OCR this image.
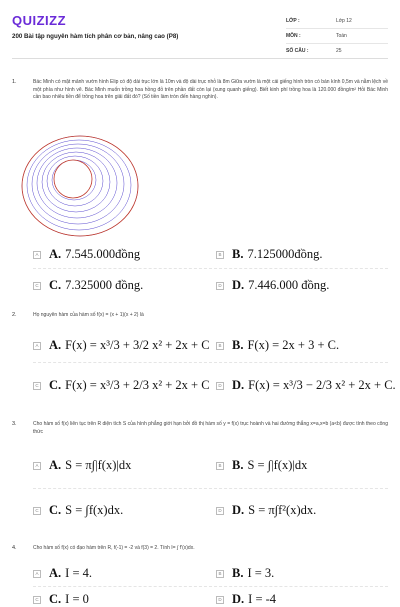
QUIZIZZ
200 Bài tập nguyên hàm tích phân cơ bản, nâng cao (P8)
LỚP :	Lớp 12
MÔN :	Toán
SỐ CÂU :	25
1.	Bác Minh có mặt mảnh vườn hình Elip có độ dài trục lớn là 10m và độ dài trục nhỏ là 8m Giữa vườn là một cái giếng hình tròn có bán kính 0,5m và nằm lệch về một phía như hình vẽ. Bác Minh muốn trồng hoa hồng đỏ trên phần đất còn lại (xung quanh giếng). Biết kinh phí trồng hoa là 120.000 đồng/m² Hỏi Bác Minh cần bao nhiêu tiền để trồng hoa trên giải đất đó? (Số tiền làm tròn đến hàng nghìn).
A A. 7.545.000đồng	B B. 7.125000đồng.
C C. 7.325000 đồng.	D D. 7.446.000 đồng.
2.	Họ nguyên hàm của hàm số f(x) = (x + 1)(x + 2) là
A A. F(x) = x³/3 + 3/2 x² + 2x + C	B B. F(x) = 2x + 3 + C.
C C. F(x) = x³/3 + 2/3 x² + 2x + C	D D. F(x) = x³/3 − 2/3 x² + 2x + C.
3.	Cho hàm số f(x) liên tục trên R diện tích S của hình phẳng giới hạn bởi đồ thị hàm số y = f(x) trục hoành và hai đường thẳng x=a,x=b (a<b) được tính theo công thức
A A. S = π∫|f(x)|dx	B B. S = ∫|f(x)|dx
C C. S = ∫f(x)dx.	D D. S = π∫f²(x)dx.
4.	Cho hàm số f(x) có đạo hàm trên R, f(-1) = -2 và f(3) = 2. Tính I= ∫ f'(x)dx.
A A. I = 4.	B B. I = 3.
C C. I = 0	D D. I = -4
